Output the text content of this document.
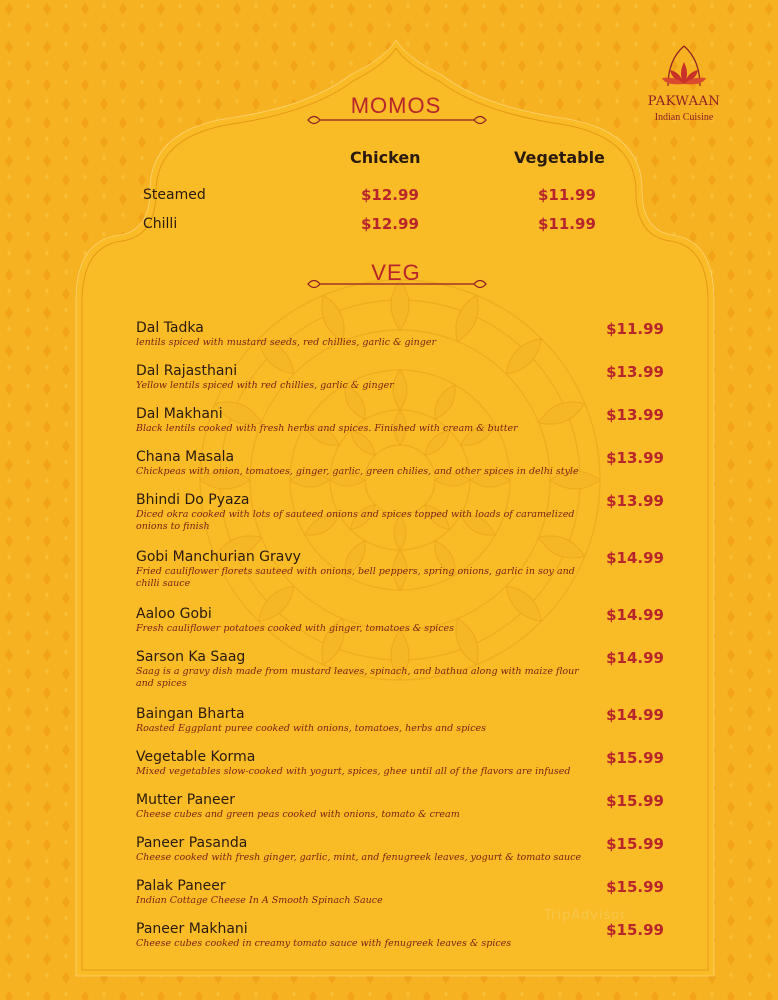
PAKWAAN
Indian Cuisine
MOMOS
Chicken	Vegetable
Steamed	$12.99	$11.99
Chilli	$12.99	$11.99
VEG
Dal Tadka
lentils spiced with mustard seeds, red chillies, garlic & ginger
$11.99
Dal Rajasthani
Yellow lentils spiced with red chillies, garlic & ginger
$13.99
Dal Makhani
Black lentils cooked with fresh herbs and spices. Finished with cream & butter
$13.99
Chana Masala
Chickpeas with onion, tomatoes, ginger, garlic, green chilies, and other spices in delhi style
$13.99
Bhindi Do Pyaza
Diced okra cooked with lots of sauteed onions and spices topped with loads of caramelized onions to finish
$13.99
Gobi Manchurian Gravy
Fried cauliflower florets sauteed with onions, bell peppers, spring onions, garlic in soy and chilli sauce
$14.99
Aaloo Gobi
Fresh cauliflower potatoes cooked with ginger, tomatoes & spices
$14.99
Sarson Ka Saag
Saag is a gravy dish made from mustard leaves, spinach, and bathua along with maize flour and spices
$14.99
Baingan Bharta
Roasted Eggplant puree cooked with onions, tomatoes, herbs and spices
$14.99
Vegetable Korma
Mixed vegetables slow-cooked with yogurt, spices, ghee until all of the flavors are infused
$15.99
Mutter Paneer
Cheese cubes and green peas cooked with onions, tomato & cream
$15.99
Paneer Pasanda
Cheese cooked with fresh ginger, garlic, mint, and fenugreek leaves, yogurt & tomato sauce
$15.99
Palak Paneer
Indian Cottage Cheese In A Smooth Spinach Sauce
$15.99
Paneer Makhani
Cheese cubes cooked in creamy tomato sauce with fenugreek leaves & spices
$15.99
TripAdvisor
